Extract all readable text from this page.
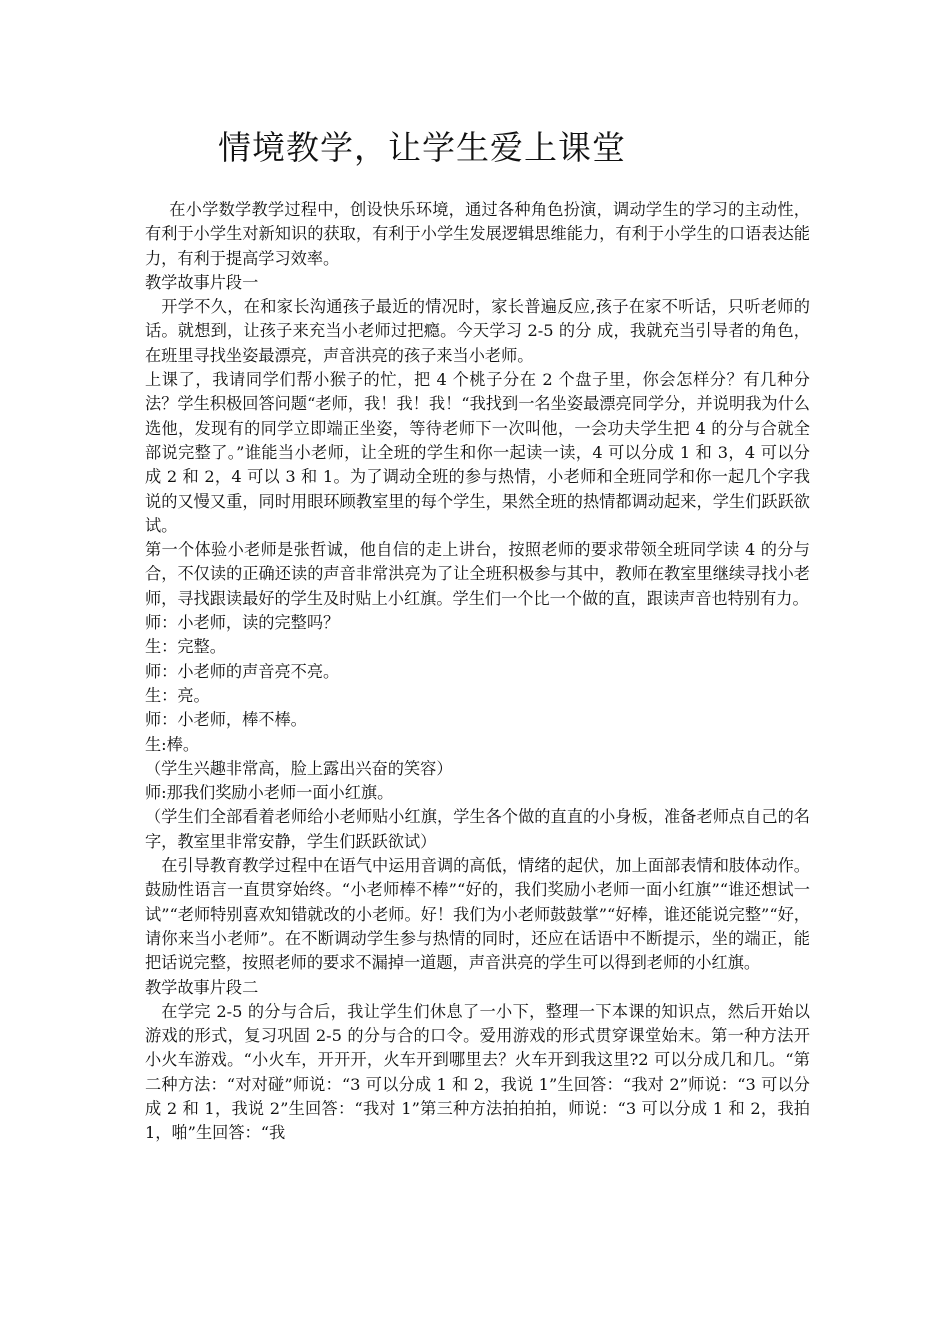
情境教学，让学生爱上课堂

在小学数学教学过程中，创设快乐环境，通过各种角色扮演，调动学生的学习的主动性，有利于小学生对新知识的获取，有利于小学生发展逻辑思维能力，有利于小学生的口语表达能力，有利于提高学习效率。

教学故事片段一

开学不久，在和家长沟通孩子最近的情况时，家长普遍反应,孩子在家不听话，只听老师的话。就想到，让孩子来充当小老师过把瘾。今天学习 2-5 的分 成，我就充当引导者的角色，在班里寻找坐姿最漂亮，声音洪亮的孩子来当小老师。

上课了，我请同学们帮小猴子的忙，把 4 个桃子分在 2 个盘子里，你会怎样分？有几种分法？学生积极回答问题“老师，我！我！我！“我找到一名坐姿最漂亮同学分，并说明我为什么选他，发现有的同学立即端正坐姿，等待老师下一次叫他，一会功夫学生把 4 的分与合就全部说完整了。”谁能当小老师，让全班的学生和你一起读一读，4 可以分成 1 和 3，4 可以分成 2 和 2，4 可以 3 和 1。为了调动全班的参与热情，小老师和全班同学和你一起几个字我说的又慢又重，同时用眼环顾教室里的每个学生，果然全班的热情都调动起来，学生们跃跃欲试。

第一个体验小老师是张哲诚，他自信的走上讲台，按照老师的要求带领全班同学读 4 的分与合，不仅读的正确还读的声音非常洪亮为了让全班积极参与其中，教师在教室里继续寻找小老师，寻找跟读最好的学生及时贴上小红旗。学生们一个比一个做的直，跟读声音也特别有力。

师：小老师，读的完整吗？

生：完整。

师：小老师的声音亮不亮。

生：亮。

师：小老师，棒不棒。

生:棒。

（学生兴趣非常高，脸上露出兴奋的笑容）

师:那我们奖励小老师一面小红旗。

（学生们全部看着老师给小老师贴小红旗，学生各个做的直直的小身板，准备老师点自己的名字，教室里非常安静，学生们跃跃欲试）

在引导教育教学过程中在语气中运用音调的高低，情绪的起伏，加上面部表情和肢体动作。鼓励性语言一直贯穿始终。“小老师棒不棒”“好的，我们奖励小老师一面小红旗”“谁还想试一试”“老师特别喜欢知错就改的小老师。好！我们为小老师鼓鼓掌”“好棒，谁还能说完整”“好，请你来当小老师”。在不断调动学生参与热情的同时，还应在话语中不断提示，坐的端正，能把话说完整，按照老师的要求不漏掉一道题，声音洪亮的学生可以得到老师的小红旗。

教学故事片段二

在学完 2-5 的分与合后，我让学生们休息了一小下，整理一下本课的知识点，然后开始以游戏的形式，复习巩固 2-5 的分与合的口令。爱用游戏的形式贯穿课堂始末。第一种方法开小火车游戏。“小火车，开开开，火车开到哪里去？火车开到我这里?2 可以分成几和几。“第二种方法：“对对碰”师说：“3 可以分成 1 和 2，我说 1”生回答：“我对 2”师说：“3 可以分成 2 和 1，我说 2”生回答：“我对 1”第三种方法拍拍拍，师说：“3 可以分成 1 和 2，我拍 1，啪”生回答：“我
